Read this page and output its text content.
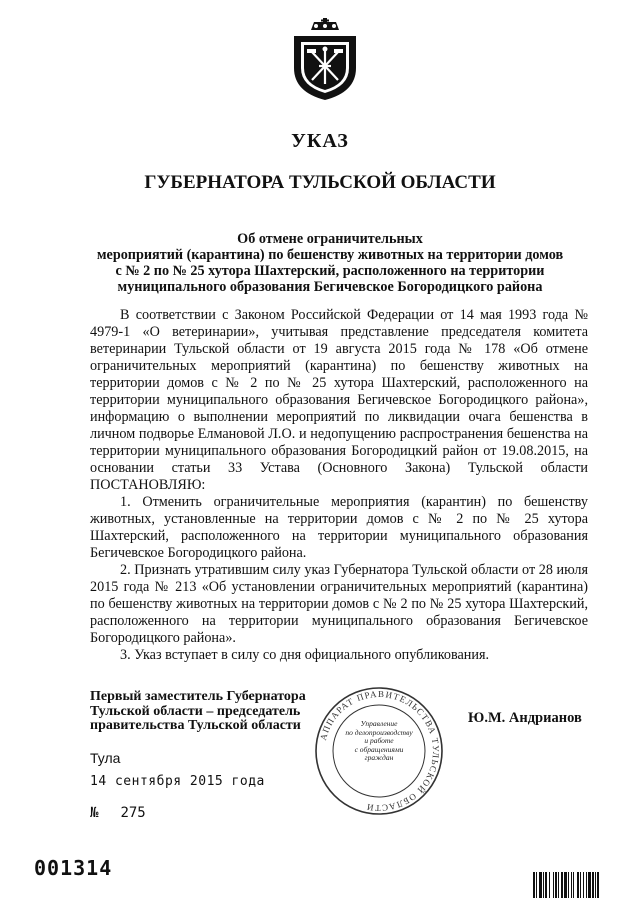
УКАЗ
ГУБЕРНАТОРА ТУЛЬСКОЙ ОБЛАСТИ
Об отмене ограничительных
мероприятий (карантина) по бешенству животных на территории домов
с № 2 по № 25 хутора Шахтерский, расположенного на территории
муниципального образования Бегичевское Богородицкого района

В соответствии с Законом Российской Федерации от 14 мая 1993 года № 4979-1 «О ветеринарии», учитывая представление председателя комитета ветеринарии Тульской области от 19 августа 2015 года № 178 «Об отмене ограничительных мероприятий (карантина) по бешенству животных на территории домов с № 2 по № 25 хутора Шахтерский, расположенного на территории муниципального образования Бегичевское Богородицкого района», информацию о выполнении мероприятий по ликвидации очага бешенства в личном подворье Елмановой Л.О. и недопущению распространения бешенства на территории муниципального образования Богородицкий район от 19.08.2015, на основании статьи 33 Устава (Основного Закона) Тульской области ПОСТАНОВЛЯЮ:

1. Отменить ограничительные мероприятия (карантин) по бешенству животных, установленные на территории домов с № 2 по № 25 хутора Шахтерский, расположенного на территории муниципального образования Бегичевское Богородицкого района.

2. Признать утратившим силу указ Губернатора Тульской области от 28 июля 2015 года № 213 «Об установлении ограничительных мероприятий (карантина) по бешенству животных на территории домов с № 2 по № 25 хутора Шахтерский, расположенного на территории муниципального образования Бегичевское Богородицкого района».

3. Указ вступает в силу со дня официального опубликования.

Первый заместитель Губернатора
Тульской области – председатель
правительства Тульской области
АППАРАТ ПРАВИТЕЛЬСТВА ТУЛЬСКОЙ ОБЛАСТИ
Управление
по делопроизводству
и работе
с обращениями
граждан
Ю.М. Андрианов
Тула
14 сентября 2015 года
№ 275
001314
